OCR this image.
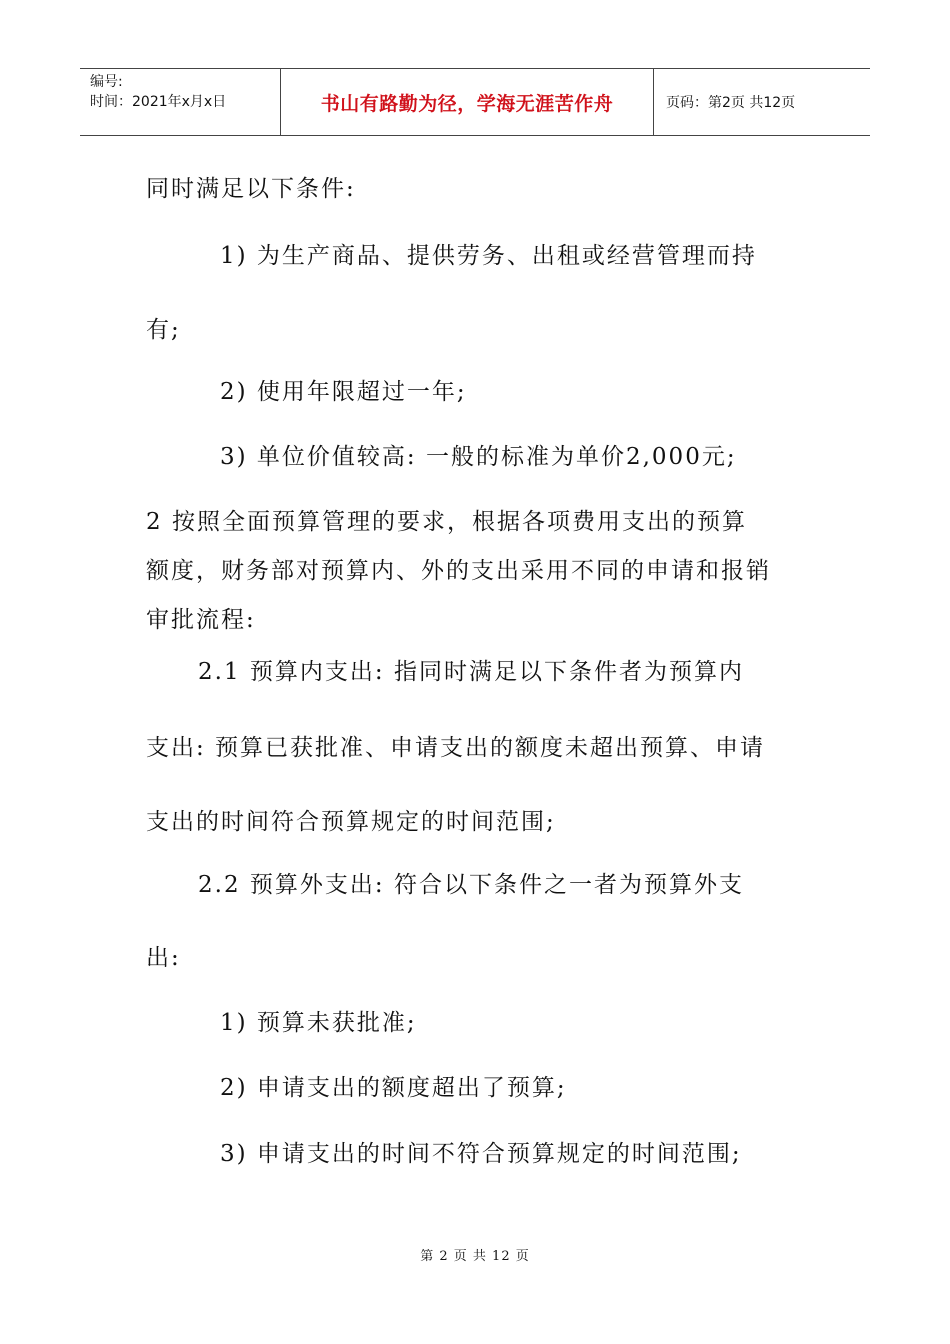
编号:
时间：2021年x月x日	书山有路勤为径，学海无涯苦作舟	页码：第2页 共12页
同时满足以下条件:
1) 为生产商品、提供劳务、出租或经营管理而持
有;
2) 使用年限超过一年;
3) 单位价值较高: 一般的标准为单价2,000元;
2 按照全面预算管理的要求，根据各项费用支出的预算
额度，财务部对预算内、外的支出采用不同的申请和报销
审批流程:
2.1 预算内支出: 指同时满足以下条件者为预算内
支出: 预算已获批准、申请支出的额度未超出预算、申请
支出的时间符合预算规定的时间范围;
2.2 预算外支出: 符合以下条件之一者为预算外支
出:
1) 预算未获批准;
2) 申请支出的额度超出了预算;
3) 申请支出的时间不符合预算规定的时间范围;
第 2 页 共 12 页
